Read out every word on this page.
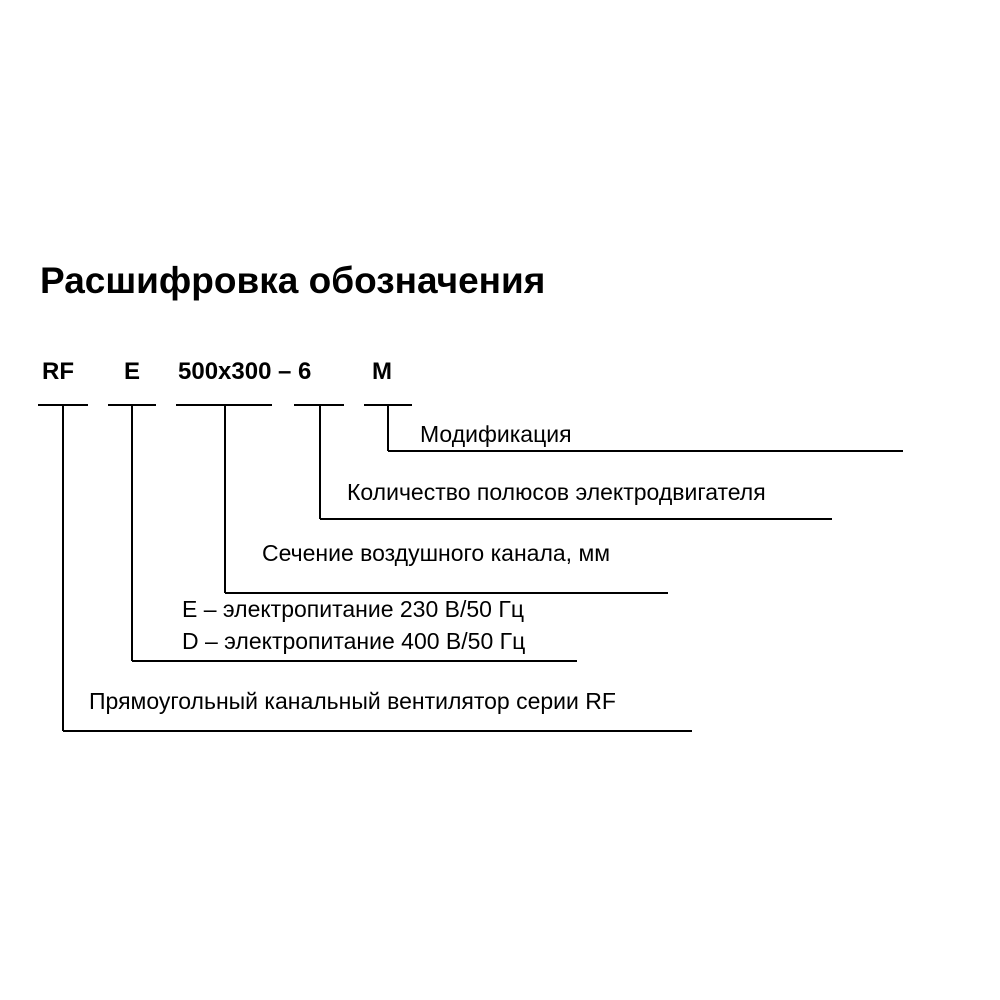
Расшифровка обозначения
RF E 500x300 – 6	M
Модификация
Количество полюсов электродвигателя
Сечение воздушного канала, мм
E – электропитание 230 В/50 Гц
D – электропитание 400 В/50 Гц
Прямоугольный канальный вентилятор серии RF
